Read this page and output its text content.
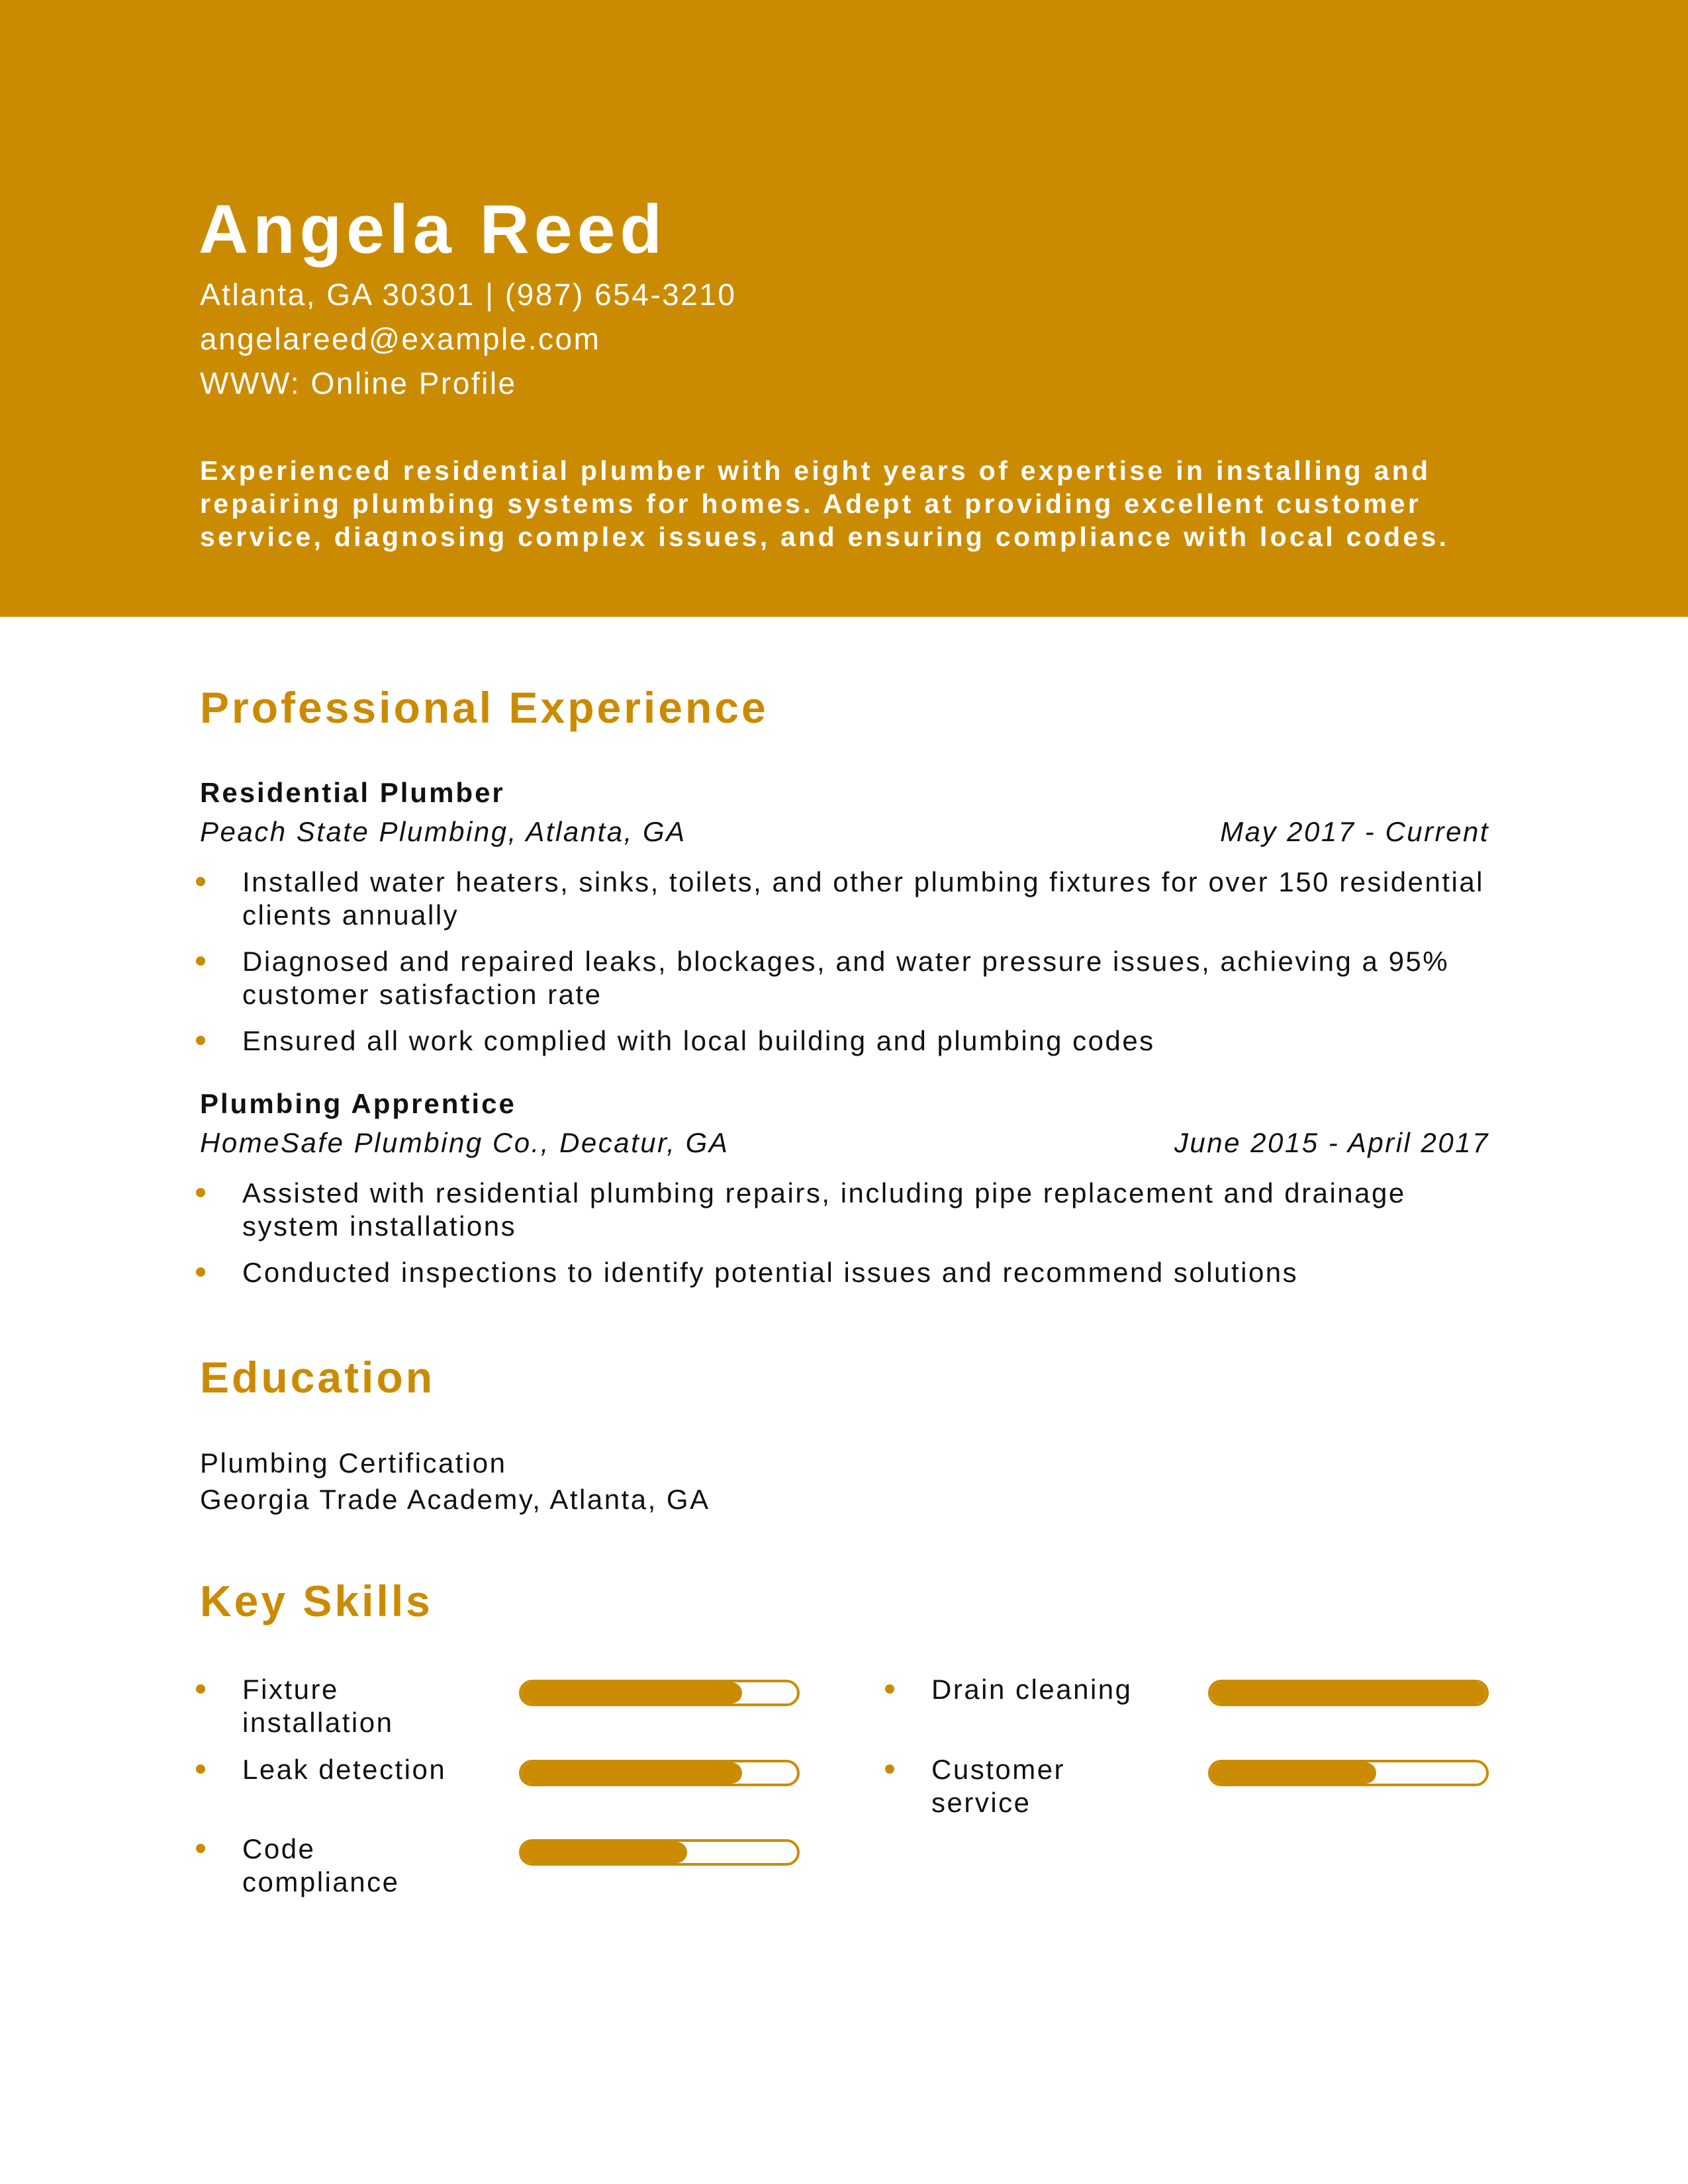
Angela Reed
Atlanta, GA 30301 | (987) 654-3210
angelareed@example.com
WWW: Online Profile

Experienced residential plumber with eight years of expertise in installing and repairing plumbing systems for homes. Adept at providing excellent customer service, diagnosing complex issues, and ensuring compliance with local codes.

Professional Experience
Residential Plumber
Peach State Plumbing, Atlanta, GA	May 2017 - Current
Installed water heaters, sinks, toilets, and other plumbing fixtures for over 150 residential clients annually
Diagnosed and repaired leaks, blockages, and water pressure issues, achieving a 95% customer satisfaction rate
Ensured all work complied with local building and plumbing codes
Plumbing Apprentice
HomeSafe Plumbing Co., Decatur, GA	June 2015 - April 2017
Assisted with residential plumbing repairs, including pipe replacement and drainage system installations
Conducted inspections to identify potential issues and recommend solutions
Education
Plumbing Certification
Georgia Trade Academy, Atlanta, GA
Key Skills
Fixture installation
Drain cleaning
Leak detection	Customer service
Code compliance
